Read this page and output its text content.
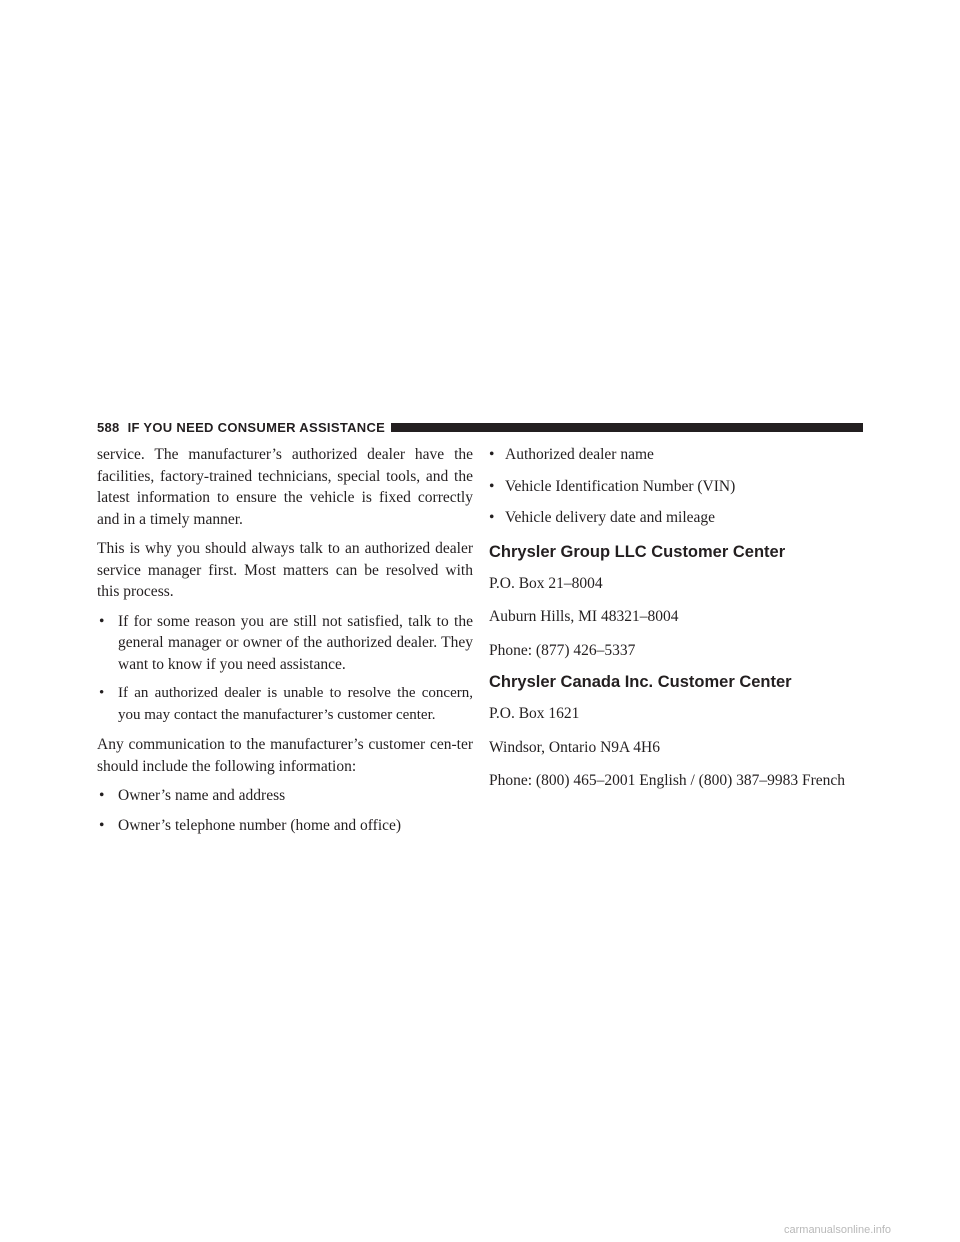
588 IF YOU NEED CONSUMER ASSISTANCE

service. The manufacturer’s authorized dealer have the facilities, factory-trained technicians, special tools, and the latest information to ensure the vehicle is fixed correctly and in a timely manner.

This is why you should always talk to an authorized dealer service manager first. Most matters can be resolved with this process.

• If for some reason you are still not satisfied, talk to the general manager or owner of the authorized dealer. They want to know if you need assistance.
• If an authorized dealer is unable to resolve the concern, you may contact the manufacturer’s customer center.

Any communication to the manufacturer’s customer cen-ter should include the following information:

• Owner’s name and address
• Owner’s telephone number (home and office)
• Authorized dealer name
• Vehicle Identification Number (VIN)
• Vehicle delivery date and mileage
Chrysler Group LLC Customer Center
P.O. Box 21–8004
Auburn Hills, MI 48321–8004
Phone: (877) 426–5337
Chrysler Canada Inc. Customer Center
P.O. Box 1621
Windsor, Ontario N9A 4H6
Phone: (800) 465–2001 English / (800) 387–9983 French
carmanualsonline.info
